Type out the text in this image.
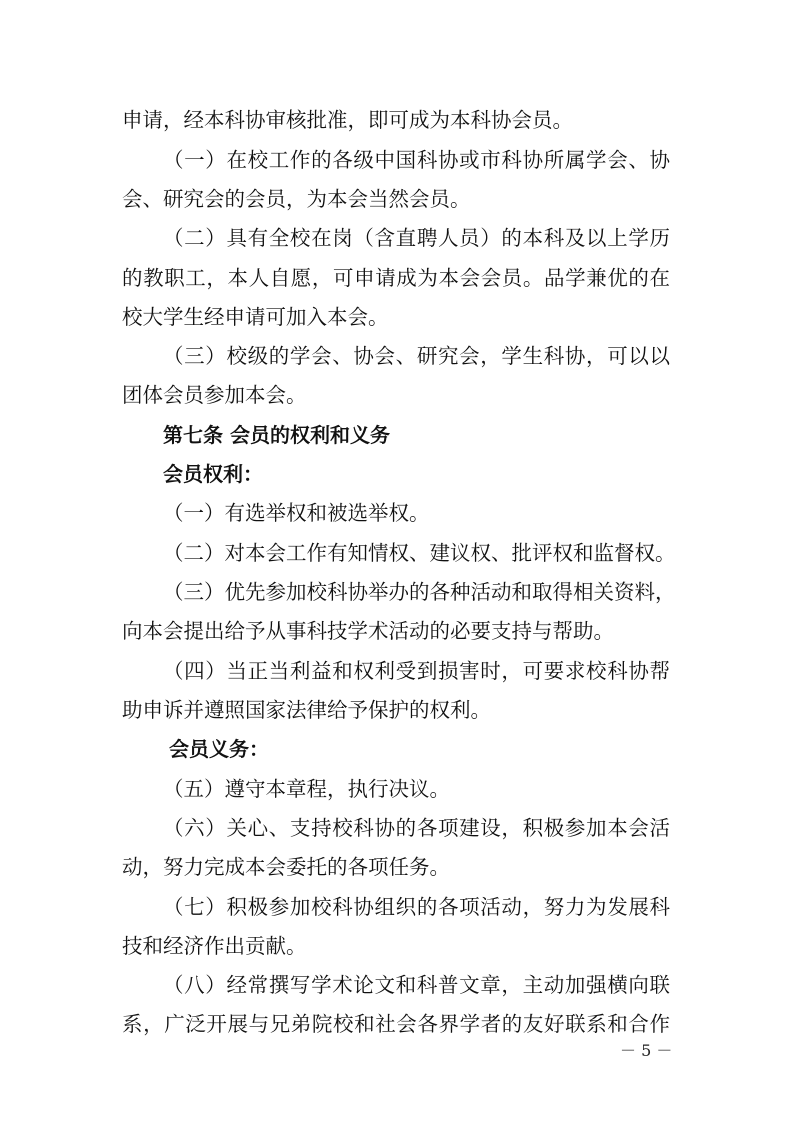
申请，经本科协审核批准，即可成为本科协会员。
（一）在校工作的各级中国科协或市科协所属学会、协
会、研究会的会员，为本会当然会员。
（二）具有全校在岗（含直聘人员）的本科及以上学历
的教职工，本人自愿，可申请成为本会会员。品学兼优的在
校大学生经申请可加入本会。
（三）校级的学会、协会、研究会，学生科协，可以以
团体会员参加本会。
第七条 会员的权利和义务
会员权利：
（一）有选举权和被选举权。
（二）对本会工作有知情权、建议权、批评权和监督权。
（三）优先参加校科协举办的各种活动和取得相关资料，
向本会提出给予从事科技学术活动的必要支持与帮助。
（四）当正当利益和权利受到损害时，可要求校科协帮
助申诉并遵照国家法律给予保护的权利。
会员义务：
（五）遵守本章程，执行决议。
（六）关心、支持校科协的各项建设，积极参加本会活
动，努力完成本会委托的各项任务。
（七）积极参加校科协组织的各项活动，努力为发展科
技和经济作出贡献。
（八）经常撰写学术论文和科普文章，主动加强横向联
系，广泛开展与兄弟院校和社会各界学者的友好联系和合作
－ 5 －
